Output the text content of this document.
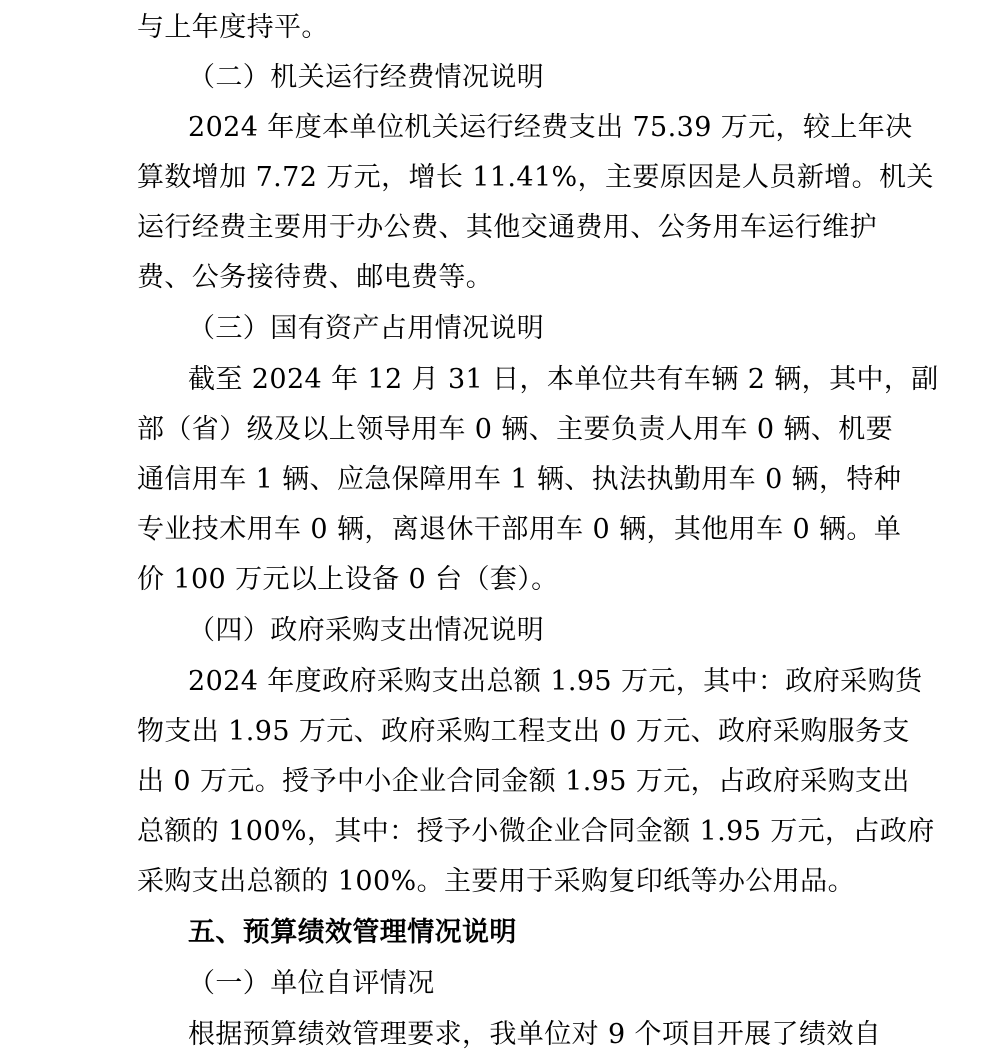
与上年度持平。
（二）机关运行经费情况说明
2024 年度本单位机关运行经费支出 75.39 万元，较上年决
算数增加 7.72 万元，增长 11.41%，主要原因是人员新增。机关
运行经费主要用于办公费、其他交通费用、公务用车运行维护
费、公务接待费、邮电费等。
（三）国有资产占用情况说明
截至 2024 年 12 月 31 日，本单位共有车辆 2 辆，其中，副
部（省）级及以上领导用车 0 辆、主要负责人用车 0 辆、机要
通信用车 1 辆、应急保障用车 1 辆、执法执勤用车 0 辆，特种
专业技术用车 0 辆，离退休干部用车 0 辆，其他用车 0 辆。单
价 100 万元以上设备 0 台（套）。
（四）政府采购支出情况说明
2024 年度政府采购支出总额 1.95 万元，其中：政府采购货
物支出 1.95 万元、政府采购工程支出 0 万元、政府采购服务支
出 0 万元。授予中小企业合同金额 1.95 万元，占政府采购支出
总额的 100%，其中：授予小微企业合同金额 1.95 万元，占政府
采购支出总额的 100%。主要用于采购复印纸等办公用品。
五、预算绩效管理情况说明
（一）单位自评情况
根据预算绩效管理要求，我单位对 9 个项目开展了绩效自
